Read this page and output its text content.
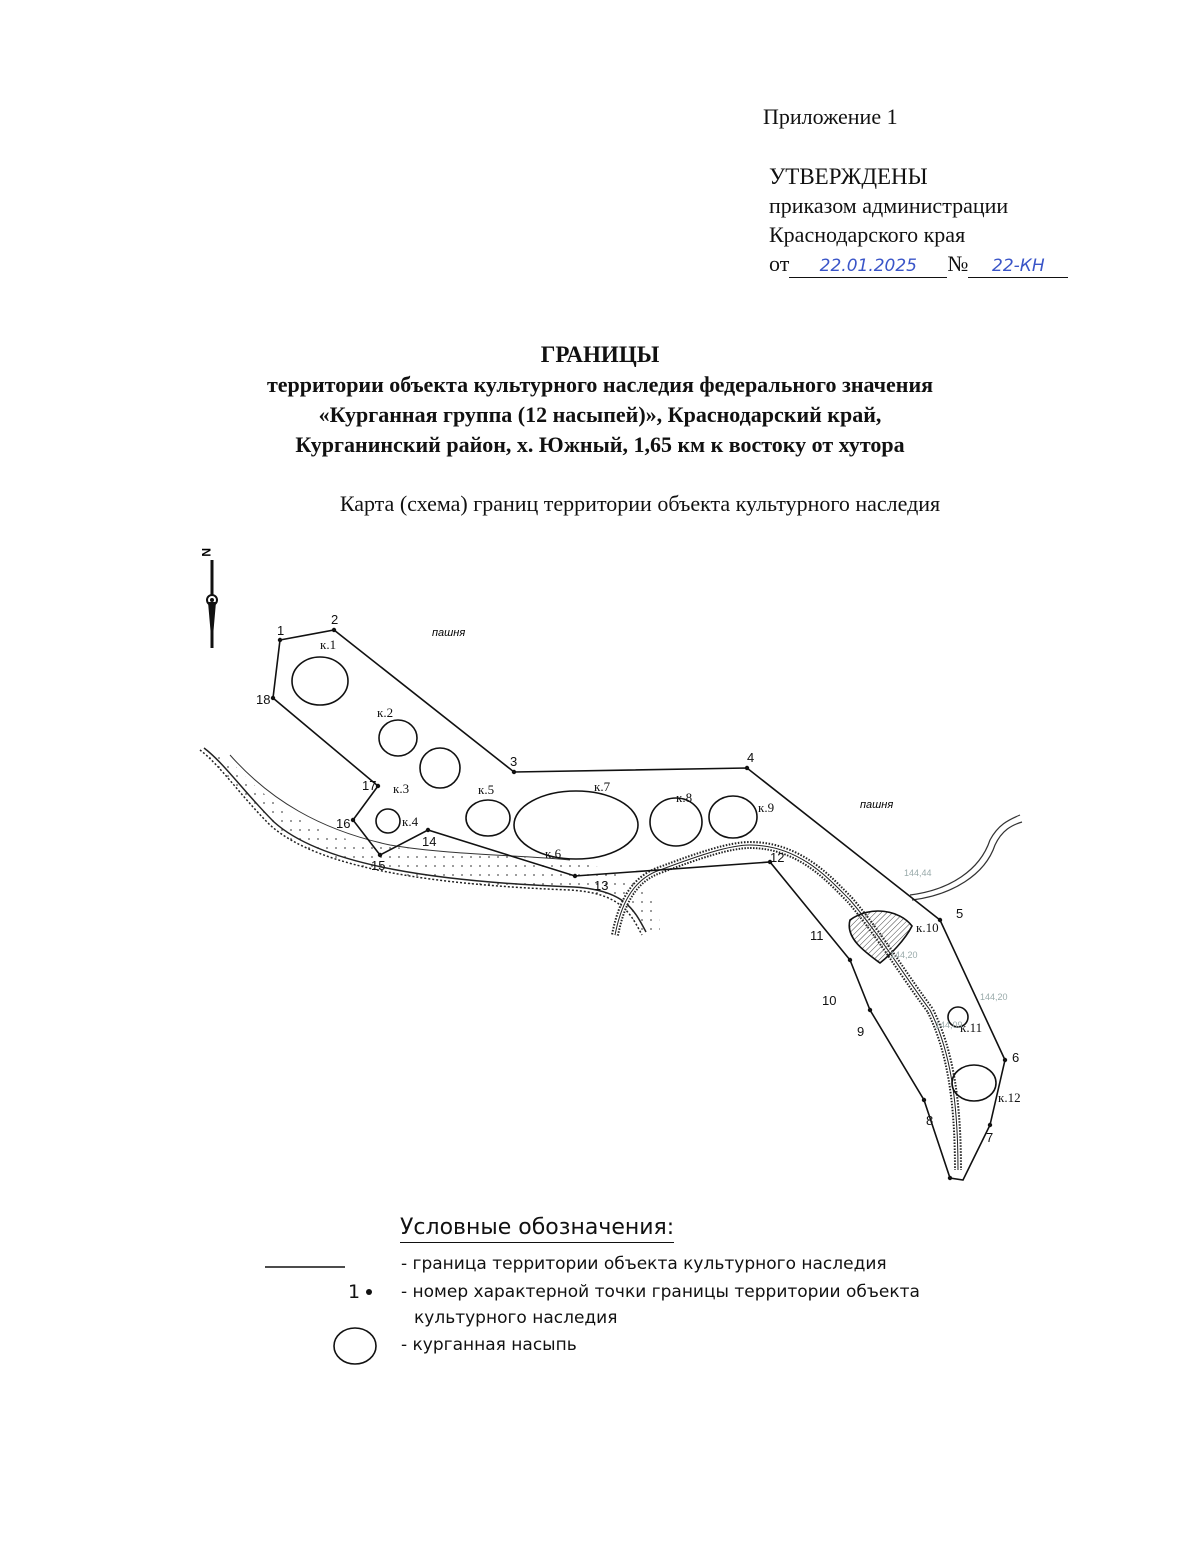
Приложение 1
УТВЕРЖДЕНЫ
приказом администрации
Краснодарского края
от 22.01.2025 № 22-КН
ГРАНИЦЫ
территории объекта культурного наследия федерального значения
«Курганная группа (12 насыпей)», Краснодарский край,
Курганинский район, х. Южный, 1,65 км к востоку от хутора
Карта (схема) границ территории объекта культурного наследия
N
1
2
3	4
5
6
7
8
9
10
11
12
13
14
15
16
17
18
к.1
к.2
к.3
к.4
к.5
к.6
к.7
к.8
к.9
к.10
к.11
к.12
пашня
пашня
144,44
144,20
144,20
144,09
Условные обозначения:
- граница территории объекта культурного наследия
1 - номер характерной точки границы территории объекта
культурного наследия
- курганная насыпь
